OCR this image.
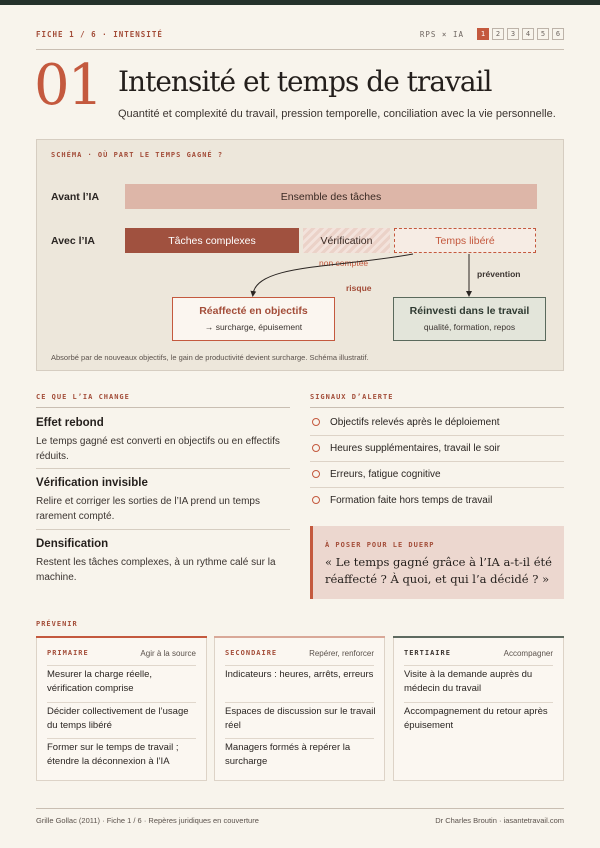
FICHE 1 / 6 · INTENSITÉ	RPS × IA	1	2	3	4	5	6
01 Intensité et temps de travail
Quantité et complexité du travail, pression temporelle, conciliation avec la vie personnelle.
SCHÉMA · OÙ PART LE TEMPS GAGNÉ ?
Avant l’IA
Avec l’IA
Ensemble des tâches
Tâches complexes	Vérification	Temps libéré
non comptée
risque
prévention
Réaffecté en objectifs
→ surcharge, épuisement
Réinvesti dans le travail
qualité, formation, repos
Absorbé par de nouveaux objectifs, le gain de productivité devient surcharge. Schéma illustratif.
CE QUE L’IA CHANGE
Effet rebond
Le temps gagné est converti en objectifs ou en effectifs réduits.
Vérification invisible
Relire et corriger les sorties de l’IA prend un temps rarement compté.
Densification
Restent les tâches complexes, à un rythme calé sur la machine.
SIGNAUX D’ALERTE
Objectifs relevés après le déploiement
Heures supplémentaires, travail le soir
Erreurs, fatigue cognitive
Formation faite hors temps de travail
À POSER POUR LE DUERP
« Le temps gagné grâce à l’IA a-t-il été réaffecté ? À quoi, et qui l’a décidé ? »
PRÉVENIR
PRIMAIRE	Agir à la source
Mesurer la charge réelle, vérification comprise
Décider collectivement de l’usage du temps libéré
Former sur le temps de travail ; étendre la déconnexion à l’IA
SECONDAIRE	Repérer, renforcer
Indicateurs : heures, arrêts, erreurs
Espaces de discussion sur le travail réel
Managers formés à repérer la surcharge
TERTIAIRE	Accompagner
Visite à la demande auprès du médecin du travail
Accompagnement du retour après épuisement
Grille Gollac (2011) · Fiche 1 / 6 · Repères juridiques en couverture	Dr Charles Broutin · iasantetravail.com
